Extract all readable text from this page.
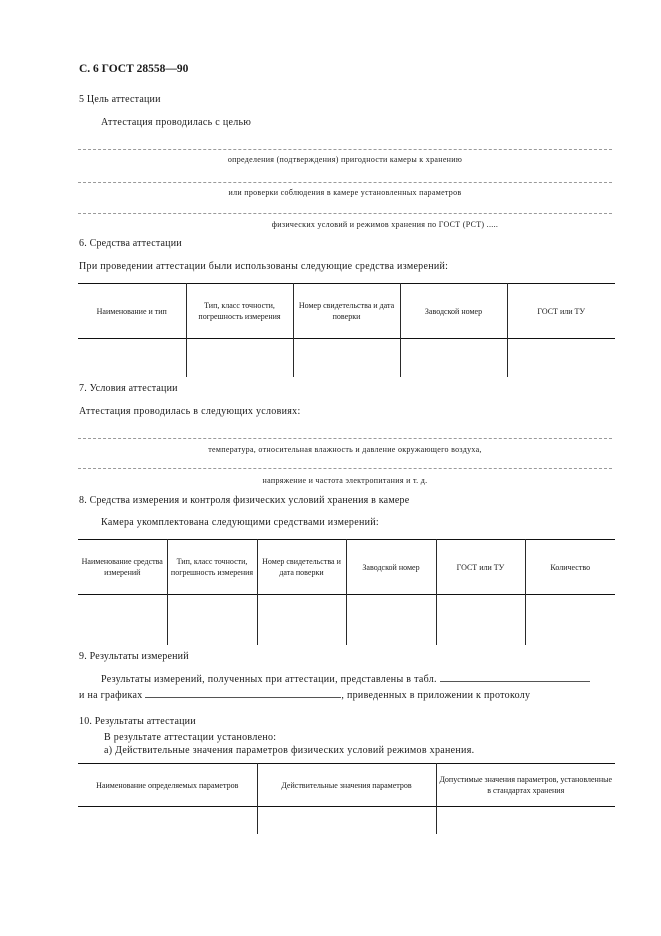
С. 6 ГОСТ 28558—90
5 Цель аттестации
Аттестация проводилась с целью
определения (подтверждения) пригодности камеры к хранению
или проверки соблюдения в камере установленных параметров
физических условий и режимов хранения по ГОСТ (РСТ) .....
6. Средства аттестации
При проведении аттестации были использованы следующие средства измерений:
Наименование и тип	Тип, класс точности, погрешность измерения	Номер свидетельства и дата поверки	Заводской номер	ГОСТ или ТУ

7. Условия аттестации
Аттестация проводилась в следующих условиях:
температура, относительная влажность и давление окружающего воздуха,
напряжение и частота электропитания и т. д.
8. Средства измерения и контроля физических условий хранения в камере
Камера укомплектована следующими средствами измерений:
Наименование средства измерений	Тип, класс точности, погрешность измерения	Номер свидетельства и дата поверки	Заводской номер	ГОСТ или ТУ	Количество

9. Результаты измерений
Результаты измерений, полученных при аттестации, представлены в табл.
и на графиках	, приведенных в приложении к протоколу
10. Результаты аттестации
В результате аттестации установлено:
а) Действительные значения параметров физических условий режимов хранения.
Наименование определяемых параметров	Действительные значения параметров	Допустимые значения параметров, установленные в стандартах хранения
